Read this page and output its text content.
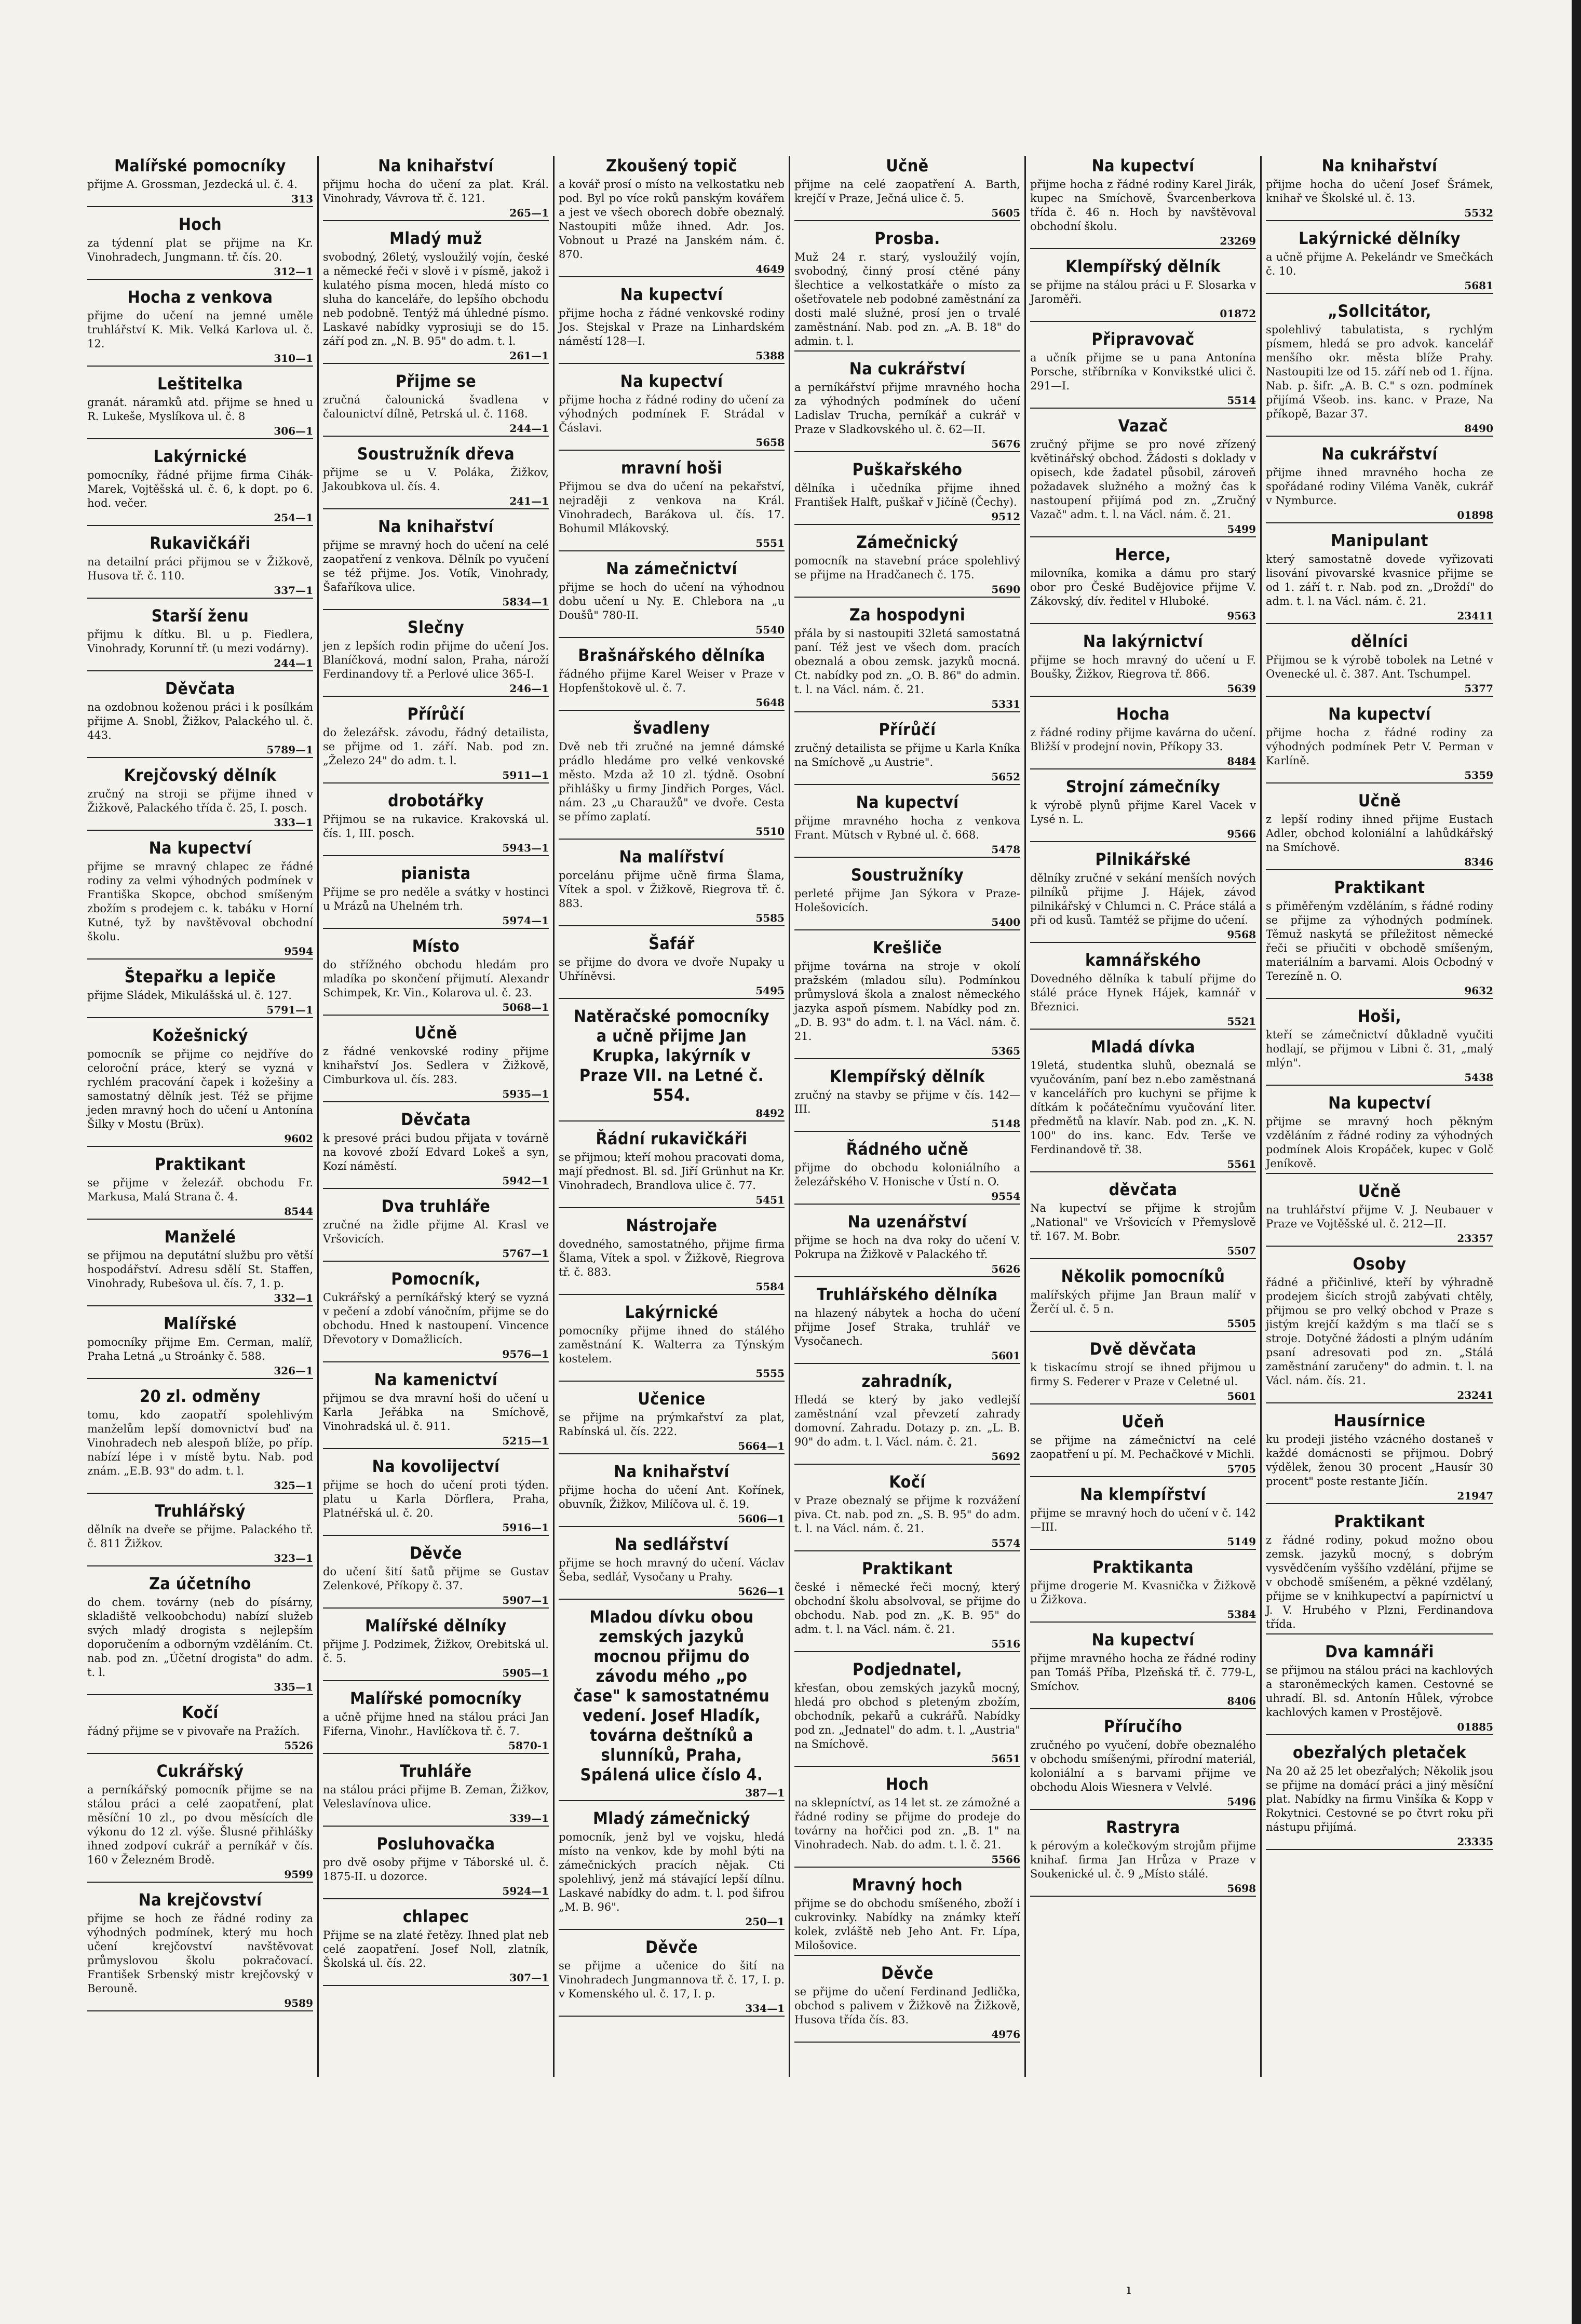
Malířské pomocníky

přijme A. Grossman, Jezdecká ul. č. 4.

313
Hoch

za týdenní plat se přijme na Kr. Vinohradech, Jungmann. tř. čís. 20.

312—1
Hocha z venkova

přijme do učení na jemné uměle truhlářství K. Mik. Velká Karlova ul. č. 12.

310—1
Leštitelka

granát. náramků atd. přijme se hned u R. Lukeše, Myslíkova ul. č. 8

306—1
Lakýrnické

pomocníky, řádné přijme firma Cihák-Marek, Vojtěšská ul. č. 6, k dopt. po 6. hod. večer.

254—1
Rukavičkáři

na detailní práci přijmou se v Žižkově, Husova tř. č. 110.

337—1
Starší ženu

přijmu k dítku. Bl. u p. Fiedlera, Vinohrady, Korunní tř. (u mezi vodárny).

244—1
Děvčata

na ozdobnou koženou práci i k posílkám přijme A. Snobl, Žižkov, Palackého ul. č. 443.

5789—1
Krejčovský dělník

zručný na stroji se přijme ihned v Žižkově, Palackého třída č. 25, I. posch.

333—1
Na kupectví

přijme se mravný chlapec ze řádné rodiny za velmi výhodných podmínek v Františka Skopce, obchod smíšeným zbožím s prodejem c. k. tabáku v Horní Kutné, tyž by navštěvoval obchodní školu.

9594
Štepařku a lepiče

přijme Sládek, Mikulášská ul. č. 127.

5791—1
Kožešnický

pomocník se přijme co nejdříve do celoroční práce, který se vyzná v rychlém pracování čapek i kožešiny a samostatný dělník jest. Též se přijme jeden mravný hoch do učení u Antonína Šilky v Mostu (Brüx).

9602
Praktikant

se přijme v železář. obchodu Fr. Markusa, Malá Strana č. 4.

8544
Manželé

se přijmou na deputátní službu pro větší hospodářství. Adresu sdělí St. Staffen, Vinohrady, Rubešova ul. čís. 7, 1. p.

332—1
Malířské

pomocníky přijme Em. Cerman, malíř, Praha Letná „u Stroánky č. 588.

326—1
20 zl. odměny

tomu, kdo zaopatří spolehlivým manželům lepší domovnictví buď na Vinohradech neb alespoň blíže, po příp. nabízí lépe i v místě bytu. Nab. pod znám. „E.B. 93" do adm. t. l.

325—1
Truhlářský

dělník na dveře se přijme. Palackého tř. č. 811 Žižkov.

323—1
Za účetního

do chem. továrny (neb do písárny, skladiště velkoobchodu) nabízí služeb svých mladý drogista s nejlepším doporučením a odborným vzděláním. Ct. nab. pod zn. „Účetní drogista" do adm. t. l.

335—1
Kočí

řádný přijme se v pivovaře na Pražích.

5526
Cukrářský

a perníkářský pomocník přijme se na stálou práci a celé zaopatření, plat měsíční 10 zl., po dvou měsících dle výkonu do 12 zl. výše. Šlusné přihlášky ihned zodpoví cukrář a perníkář v čís. 160 v Železném Brodě.

9599
Na krejčovství

přijme se hoch ze řádné rodiny za výhodných podmínek, který mu hoch učení krejčovství navštěvovat průmyslovou školu pokračovací. František Srbenský mistr krejčovský v Berouně.

9589
Na knihařství

přijmu hocha do učení za plat. Král. Vinohrady, Vávrova tř. č. 121.

265—1
Mladý muž

svobodný, 26letý, vysloužilý vojín, české a německé řeči v slově i v písmě, jakož i kulatého písma mocen, hledá místo co sluha do kanceláře, do lepšího obchodu neb podobně. Tentýž má úhledné písmo. Laskavé nabídky vyprosiuji se do 15. září pod zn. „N. B. 95" do adm. t. l.

261—1
Přijme se

zručná čalounická švadlena v čalounictví dílně, Petrská ul. č. 1168.

244—1
Soustružník dřeva

přijme se u V. Poláka, Žižkov, Jakoubkova ul. čís. 4.

241—1
Na knihařství

přijme se mravný hoch do učení na celé zaopatření z venkova. Dělník po vyučení se též přijme. Jos. Votík, Vinohrady, Šafaříkova ulice.

5834—1
Slečny

jen z lepších rodin přijme do učení Jos. Blaníčková, modní salon, Praha, nároží Ferdinandovy tř. a Perlové ulice 365-I.

246—1
Přírůčí

do železářsk. závodu, řádný detailista, se přijme od 1. září. Nab. pod zn. „Železo 24" do adm. t. l.

5911—1
drobotářky

Přijmou se na rukavice. Krakovská ul. čís. 1, III. posch.

5943—1
pianista

Přijme se pro neděle a svátky v hostinci u Mrázů na Uhelném trh.

5974—1
Místo

do střížného obchodu hledám pro mladíka po skončení přijmutí. Alexandr Schimpek, Kr. Vin., Kolarova ul. č. 23.

5068—1
Učně

z řádné venkovské rodiny přijme knihařství Jos. Sedlera v Žižkově, Cimburkova ul. čís. 283.

5935—1
Děvčata

k presové práci budou přijata v továrně na kovové zboží Edvard Lokeš a syn, Kozí náměstí.

5942—1
Dva truhláře

zručné na židle přijme Al. Krasl ve Vršovicích.

5767—1
Pomocník,

Cukrářský a perníkářský který se vyzná v pečení a zdobí vánočním, přijme se do obchodu. Hned k nastoupení. Vincence Dřevotory v Domažlicích.

9576—1
Na kamenictví

přijmou se dva mravní hoši do učení u Karla Jeřábka na Smíchově, Vinohradská ul. č. 911.

5215—1
Na kovolijectví

přijme se hoch do učení proti týden. platu u Karla Dörflera, Praha, Platnéřská ul. č. 20.

5916—1
Děvče

do učení šití šatů přijme se Gustav Zelenkové, Příkopy č. 37.

5907—1
Malířské dělníky

přijme J. Podzimek, Žižkov, Orebitská ul. č. 5.

5905—1
Malířské pomocníky

a učně přijme hned na stálou práci Jan Fiferna, Vinohr., Havlíčkova tř. č. 7.

5870-1
Truhláře

na stálou práci přijme B. Zeman, Žižkov, Veleslavínova ulice.

339—1
Posluhovačka

pro dvě osoby přijme v Táborské ul. č. 1875-II. u dozorce.

5924—1
chlapec

Přijme se na zlaté řetězy. Ihned plat neb celé zaopatření. Josef Noll, zlatník, Školská ul. čís. 22.

307—1
Zkoušený topič

a kovář prosí o místo na velkostatku neb pod. Byl po více roků panským kovářem a jest ve všech oborech dobře obeznalý. Nastoupiti může ihned. Adr. Jos. Vobnout u Prazé na Janském nám. č. 870.

4649
Na kupectví

přijme hocha z řádné venkovské rodiny Jos. Stejskal v Praze na Linhardském náměstí 128—I.

5388
Na kupectví

přijme hocha z řádné rodiny do učení za výhodných podmínek F. Strádal v Čáslavi.

5658
mravní hoši

Přijmou se dva do učení na pekařství, nejraději z venkova na Král. Vinohradech, Barákova ul. čís. 17. Bohumil Mlákovský.

5551
Na zámečnictví

přijme se hoch do učení na výhodnou dobu učení u Ny. E. Chlebora na „u Doušů" 780-II.

5540
Brašnářského dělníka

řádného přijme Karel Weiser v Praze v Hopfenštokově ul. č. 7.

5648
švadleny

Dvě neb tři zručné na jemné dámské prádlo hledáme pro velké venkovské město. Mzda až 10 zl. týdně. Osobní přihlášky u firmy Jindřich Porges, Václ. nám. 23 „u Charaužů" ve dvoře. Cesta se přímo zaplatí.

5510
Na malířství

porcelánu přijme učně firma Šlama, Vítek a spol. v Žižkově, Riegrova tř. č. 883.

5585
Šafář

se přijme do dvora ve dvoře Nupaky u Uhříněvsi.

5495
Natěračské pomocníky a učně přijme Jan Krupka, lakýrník v Praze VII. na Letné č. 554.
8492
Řádní rukavičkáři

se přijmou; kteří mohou pracovati doma, mají přednost. Bl. sd. Jiří Grünhut na Kr. Vinohradech, Brandlova ulice č. 77.

5451
Nástrojaře

dovedného, samostatného, přijme firma Šlama, Vítek a spol. v Žižkově, Riegrova tř. č. 883.

5584
Lakýrnické

pomocníky přijme ihned do stálého zaměstnání K. Walterra za Týnským kostelem.

5555
Učenice

se přijme na prýmkařství za plat, Rabínská ul. čís. 222.

5664—1
Na knihařství

přijme hocha do učení Ant. Kořínek, obuvník, Žižkov, Milíčova ul. č. 19.

5606—1
Na sedlářství

přijme se hoch mravný do učení. Václav Šeba, sedlář, Vysočany u Prahy.

5626—1
Mladou dívku obou zemských jazyků mocnou přijmu do závodu mého „po čase" k samostatnému vedení. Josef Hladík, továrna deštníků a slunníků, Praha, Spálená ulice číslo 4.
387—1
Mladý zámečnický

pomocník, jenž byl ve vojsku, hledá místo na venkov, kde by mohl býti na zámečnických pracích nějak. Cti spolehlivý, jenž má stávající lepší dílnu. Laskavé nabídky do adm. t. l. pod šifrou „M. B. 96".

250—1
Děvče

se přijme a učenice do šití na Vinohradech Jungmannova tř. č. 17, I. p. v Komenského ul. č. 17, I. p.

334—1
Učně

přijme na celé zaopatření A. Barth, krejčí v Praze, Ječná ulice č. 5.

5605
Prosba.

Muž 24 r. starý, vysloužilý vojín, svobodný, činný prosí ctěné pány šlechtice a velkostatkáře o místo za ošetřovatele neb podobné zaměstnání za dosti malé služné, prosí jen o trvalé zaměstnání. Nab. pod zn. „A. B. 18" do admin. t. l.

Na cukrářství

a perníkářství přijme mravného hocha za výhodných podmínek do učení Ladislav Trucha, perníkář a cukrář v Praze v Sladkovského ul. č. 62—II.

5676
Puškařského

dělníka i učedníka přijme ihned František Halft, puškař v Jičíně (Čechy).

9512
Zámečnický

pomocník na stavební práce spolehlivý se přijme na Hradčanech č. 175.

5690
Za hospodyni

přála by si nastoupiti 32letá samostatná paní. Též jest ve všech dom. pracích obeznalá a obou zemsk. jazyků mocná. Ct. nabídky pod zn. „O. B. 86" do admin. t. l. na Václ. nám. č. 21.

5331
Přírůčí

zručný detailista se přijme u Karla Kníka na Smíchově „u Austrie".

5652
Na kupectví

přijme mravného hocha z venkova Frant. Mütsch v Rybné ul. č. 668.

5478
Soustružníky

perleté přijme Jan Sýkora v Praze-Holešovicích.

5400
Krešliče

přijme továrna na stroje v okolí pražském (mladou sílu). Podmínkou průmyslová škola a znalost německého jazyka aspoň písmem. Nabídky pod zn. „D. B. 93" do adm. t. l. na Václ. nám. č. 21.

5365
Klempířský dělník

zručný na stavby se přijme v čís. 142—III.

5148
Řádného učně

přijme do obchodu koloniálního a železářského V. Honische v Ústí n. O.

9554
Na uzenářství

přijme se hoch na dva roky do učení V. Pokrupa na Žižkově v Palackého tř.

5626
Truhlářského dělníka

na hlazený nábytek a hocha do učení přijme Josef Straka, truhlář ve Vysočanech.

5601
zahradník,

Hledá se který by jako vedlejší zaměstnání vzal převzetí zahrady domovní. Zahradu. Dotazy p. zn. „L. B. 90" do adm. t. l. Václ. nám. č. 21.

5692
Kočí

v Praze obeznalý se přijme k rozvážení piva. Ct. nab. pod zn. „S. B. 95" do adm. t. l. na Václ. nám. č. 21.

5574
Praktikant

české i německé řeči mocný, který obchodní školu absolvoval, se přijme do obchodu. Nab. pod zn. „K. B. 95" do adm. t. l. na Václ. nám. č. 21.

5516
Podjednatel,

křesťan, obou zemských jazyků mocný, hledá pro obchod s pleteným zbožím, obchodník, pekařů a cukrářů. Nabídky pod zn. „Jednatel" do adm. t. l. „Austria" na Smíchově.

5651
Hoch

na sklepníctví, as 14 let st. ze zámožné a řádné rodiny se přijme do prodeje do továrny na hořčici pod zn. „B. 1" na Vinohradech. Nab. do adm. t. l. č. 21.

5566
Mravný hoch

přijme se do obchodu smíšeného, zboží i cukrovinky. Nabídky na známky kteří kolek, zvláště neb Jeho Ant. Fr. Lípa, Milošovice.

Děvče

se přijme do učení Ferdinand Jedlička, obchod s palivem v Žižkově na Žižkově, Husova třída čís. 83.

4976
Na kupectví

přijme hocha z řádné rodiny Karel Jirák, kupec na Smíchově, Švarcenberkova třída č. 46 n. Hoch by navštěvoval obchodní školu.

23269
Klempířský dělník

se přijme na stálou práci u F. Slosarka v Jaroměři.

01872
Připravovač

a učník přijme se u pana Antonína Porsche, stříbrníka v Konvikstké ulici č. 291—I.

5514
Vazač

zručný přijme se pro nové zřízený květinářský obchod. Žádosti s doklady v opisech, kde žadatel působil, zároveň požadavek služného a možný čas k nastoupení přijímá pod zn. „Zručný Vazač" adm. t. l. na Václ. nám. č. 21.

5499
Herce,

milovníka, komika a dámu pro starý obor pro České Budějovice přijme V. Zákovský, dív. ředitel v Hluboké.

9563
Na lakýrnictví

přijme se hoch mravný do učení u F. Boušky, Žižkov, Riegrova tř. 866.

5639
Hocha

z řádné rodiny přijme kavárna do učení. Bližší v prodejní novin, Příkopy 33.

8484
Strojní zámečníky

k výrobě plynů přijme Karel Vacek v Lysé n. L.

9566
Pilnikářské

dělníky zručné v sekání menších nových pilníků přijme J. Hájek, závod pilnikářský v Chlumci n. C. Práce stálá a při od kusů. Tamtéž se přijme do učení.

9568
kamnářského

Dovedného dělníka k tabulí přijme do stálé práce Hynek Hájek, kamnář v Březnici.

5521
Mladá dívka

19letá, studentka sluhů, obeznalá se vyučováním, paní bez n.ebo zaměstnaná v kancelářích pro kuchyni se přijme k dítkám k počátečnímu vyučování liter. předmětů na klavír. Nab. pod zn. „K. N. 100" do ins. kanc. Edv. Terše ve Ferdinandově tř. 38.

5561
děvčata

Na kupectví se přijme k strojům „National" ve Vršovicích v Přemyslově tř. 167. M. Bobr.

5507
Několik pomocníků

malířských přijme Jan Braun malíř v Žerčí ul. č. 5 n.

5505
Dvě děvčata

k tiskacímu strojí se ihned přijmou u firmy S. Federer v Praze v Celetné ul.

5601
Učeň

se přijme na zámečnictví na celé zaopatření u pí. M. Pechačkové v Michli.

5705
Na klempířství

přijme se mravný hoch do učení v č. 142—III.

5149
Praktikanta

přijme drogerie M. Kvasnička v Žižkově u Žižkova.

5384
Na kupectví

přijme mravného hocha ze řádné rodiny pan Tomáš Příba, Plzeňská tř. č. 779-L, Smíchov.

8406
Příručího

zručného po vyučení, dobře obeznalého v obchodu smíšenými, přírodní materiál, koloniální a s barvami přijme ve obchodu Alois Wiesnera v Velvlé.

5496
Rastryra

k pérovým a kolečkovým strojům přijme knihaf. firma Jan Hrůza v Praze v Soukenické ul. č. 9 „Místo stálé.

5698
Na knihařství

přijme hocha do učení Josef Šrámek, knihař ve Školské ul. č. 13.

5532
Lakýrnické dělníky

a učně přijme A. Pekelándr ve Smečkách č. 10.

5681
„Sollcitátor,

spolehlivý tabulatista, s rychlým písmem, hledá se pro advok. kancelář menšího okr. města blíže Prahy. Nastoupiti lze od 15. září neb od 1. října. Nab. p. šifr. „A. B. C." s ozn. podmínek přijímá Všeob. ins. kanc. v Praze, Na příkopě, Bazar 37.

8490
Na cukrářství

přijme ihned mravného hocha ze spořádané rodiny Viléma Vaněk, cukrář v Nymburce.

01898
Manipulant

který samostatně dovede vyřizovati lisování pivovarské kvasnice přijme se od 1. září t. r. Nab. pod zn. „Droždí" do adm. t. l. na Václ. nám. č. 21.

23411
dělníci

Přijmou se k výrobě tobolek na Letné v Ovenecké ul. č. 387. Ant. Tschumpel.

5377
Na kupectví

přijme hocha z řádné rodiny za výhodných podmínek Petr V. Perman v Karlíně.

5359
Učně

z lepší rodiny ihned přijme Eustach Adler, obchod koloniální a lahůdkářský na Smíchově.

8346
Praktikant

s přiměřeným vzděláním, s řádné rodiny se přijme za výhodných podmínek. Těmuž naskytá se příležitost německé řeči se přiučiti v obchodě smíšeným, materiálním a barvami. Alois Ocbodný v Terezíně n. O.

9632
Hoši,

kteří se zámečnictví důkladně vyučiti hodlají, se přijmou v Libni č. 31, „malý mlýn".

5438
Na kupectví

přijme se mravný hoch pěkným vzděláním z řádné rodiny za výhodných podmínek Alois Kropáček, kupec v Golč Jeníkově.

Učně

na truhlářství přijme V. J. Neubauer v Praze ve Vojtěšské ul. č. 212—II.

23357
Osoby

řádné a přičinlivé, kteří by výhradně prodejem šicích strojů zabývati chtěly, přijmou se pro velký obchod v Praze s jistým krejčí každým s ma tlačí se s stroje. Dotyčné žádosti a plným udáním psaní adresovati pod zn. „Stálá zaměstnání zaručeny" do admin. t. l. na Václ. nám. čís. 21.

23241
Hausírnice

ku prodeji jistého vzácného dostaneš v každé domácnosti se přijmou. Dobrý výdělek, ženou 30 procent „Hausír 30 procent" poste restante Jičín.

21947
Praktikant

z řádné rodiny, pokud možno obou zemsk. jazyků mocný, s dobrým vysvědčením vyššího vzdělání, přijme se v obchodě smíšeném, a pěkné vzdělaný, přijme se v knihkupectví a papírnictví u J. V. Hrubého v Plzni, Ferdinandova třída.

Dva kamnáři

se přijmou na stálou práci na kachlových a staroněmeckých kamen. Cestovné se uhradí. Bl. sd. Antonín Hůlek, výrobce kachlových kamen v Prostějově.

01885
obezřalých pletaček

Na 20 až 25 let obezřalých; Několik jsou se přijme na domácí práci a jiný měsíční plat. Nabídky na firmu Vinšíka & Kopp v Rokytnici. Cestovné se po čtvrt roku při nástupu přijímá.

23335
ı
